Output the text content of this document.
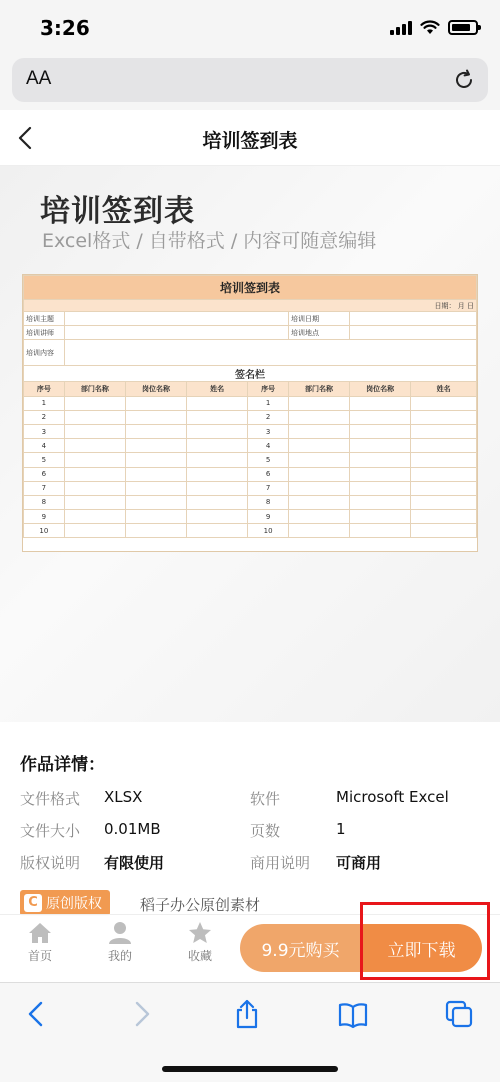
3:26
AA
培训签到表
培训签到表
Excel格式 / 自带格式 / 内容可随意编辑
培训签到表							
日期： 月 日							
培训主题					培训日期		
培训讲师					培训地点		
培训内容							
签名栏							
序号	部门名称	岗位名称	姓名	序号	部门名称	岗位名称	姓名
1				1			
2				2			
3				3			
4				4			
5				5			
6				6			
7				7			
8				8			
9				9			
10				10			
作品详情：
文件格式 XLSX	软件	Microsoft Excel
文件大小 0.01MB	页数	1
版权说明 有限使用	商用说明 可商用
C 原创版权	稻子办公原创素材
首页	我的	收藏	9.9元购买	立即下载
